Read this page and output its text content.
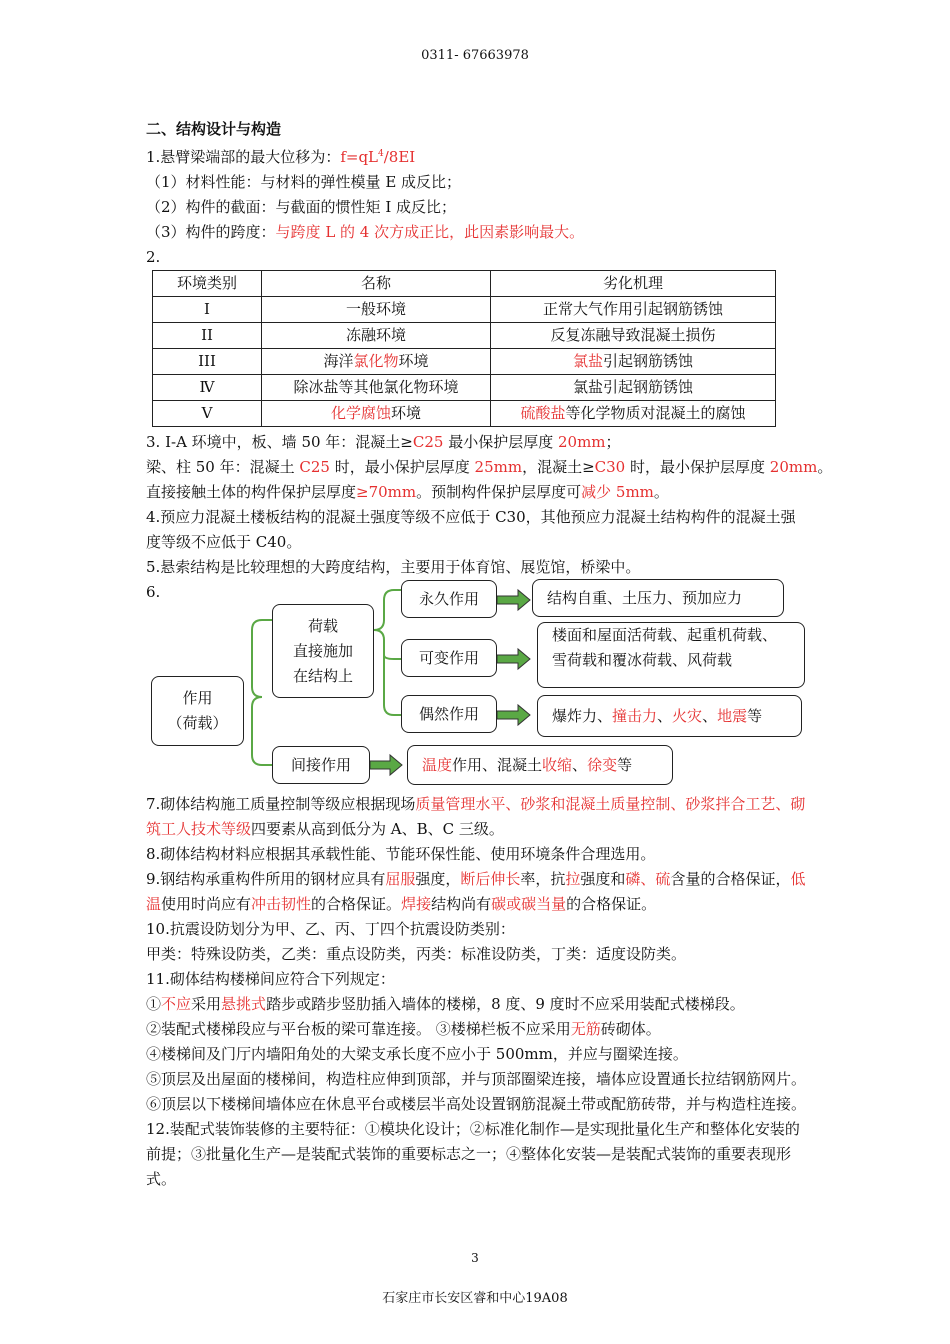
0311- 67663978
二、结构设计与构造
1.悬臂梁端部的最大位移为：$f=qL^4/8EI$
（1）材料性能：与材料的弹性模量 E 成反比；
（2）构件的截面：与截面的惯性矩 I 成反比；
（3）构件的跨度：与跨度 L 的 4 次方成正比，此因素影响最大。
2.
环境类别	名称	劣化机理
I	一般环境	正常大气作用引起钢筋锈蚀
II	冻融环境	反复冻融导致混凝土损伤
III	海洋氯化物环境	氯盐引起钢筋锈蚀
Ⅳ	除冰盐等其他氯化物环境	氯盐引起钢筋锈蚀
V	化学腐蚀环境	硫酸盐等化学物质对混凝土的腐蚀
3. Ⅰ-A 环境中，板、墙 50 年：混凝土≥C25 最小保护层厚度 20mm；
梁、柱 50 年：混凝土 C25 时，最小保护层厚度 25mm，混凝土≥C30 时，最小保护层厚度 20mm。
直接接触土体的构件保护层厚度≥70mm。预制构件保护层厚度可减少 5mm。
4.预应力混凝土楼板结构的混凝土强度等级不应低于 C30，其他预应力混凝土结构构件的混凝土强度等级不应低于 C40。
5.悬索结构是比较理想的大跨度结构，主要用于体育馆、展览馆，桥梁中。
6.
作用
（荷载）
荷载
直接施加
在结构上
永久作用
可变作用
偶然作用
间接作用
结构自重、土压力、预加应力
楼面和屋面活荷载、起重机荷载、
雪荷载和覆冰荷载、风荷载
爆炸力、撞击力、火灾、地震等
温度作用、混凝土收缩、徐变等
7.砌体结构施工质量控制等级应根据现场质量管理水平、砂浆和混凝土质量控制、砂浆拌合工艺、砌筑工人技术等级四要素从高到低分为 A、B、C 三级。
8.砌体结构材料应根据其承载性能、节能环保性能、使用环境条件合理选用。
9.钢结构承重构件所用的钢材应具有屈服强度，断后伸长率，抗拉强度和磷、硫含量的合格保证，低温使用时尚应有冲击韧性的合格保证。焊接结构尚有碳或碳当量的合格保证。
10.抗震设防划分为甲、乙、丙、丁四个抗震设防类别：
甲类：特殊设防类，乙类：重点设防类，丙类：标准设防类，丁类：适度设防类。
11.砌体结构楼梯间应符合下列规定：
①不应采用悬挑式踏步或踏步竖肋插入墙体的楼梯，8 度、9 度时不应采用装配式楼梯段。
②装配式楼梯段应与平台板的梁可靠连接。 ③楼梯栏板不应采用无筋砖砌体。
④楼梯间及门厅内墙阳角处的大梁支承长度不应小于 500mm，并应与圈梁连接。
⑤顶层及出屋面的楼梯间，构造柱应伸到顶部，并与顶部圈梁连接，墙体应设置通长拉结钢筋网片。⑥顶层以下楼梯间墙体应在休息平台或楼层半高处设置钢筋混凝土带或配筋砖带，并与构造柱连接。
12.装配式装饰装修的主要特征：①模块化设计；②标准化制作—是实现批量化生产和整体化安装的前提；③批量化生产—是装配式装饰的重要标志之一；④整体化安装—是装配式装饰的重要表现形式。
3
石家庄市长安区睿和中心19A08
